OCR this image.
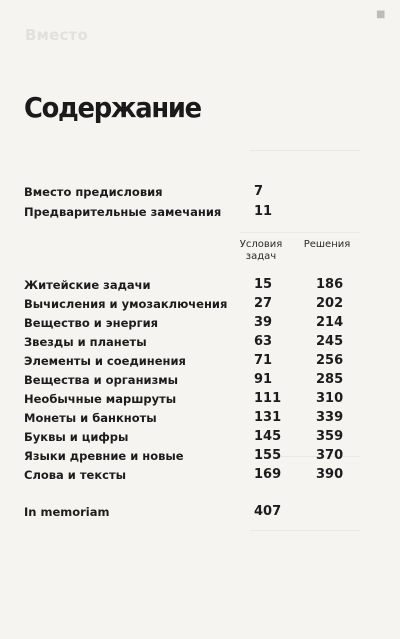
Вместо
■
Содержание
Вместо предисловия	7
Предварительные замечания	11
Условия
задач
Решения
Житейские задачи	15	186
Вычисления и умозаключения 27	202
Вещество и энергия	39	214
Звезды и планеты	63	245
Элементы и соединения	71	256
Вещества и организмы	91	285
Необычные маршруты	111	310
Монеты и банкноты	131	339
Буквы и цифры	145	359
Языки древние и новые	155	370
Слова и тексты	169	390
In memoriam	407
